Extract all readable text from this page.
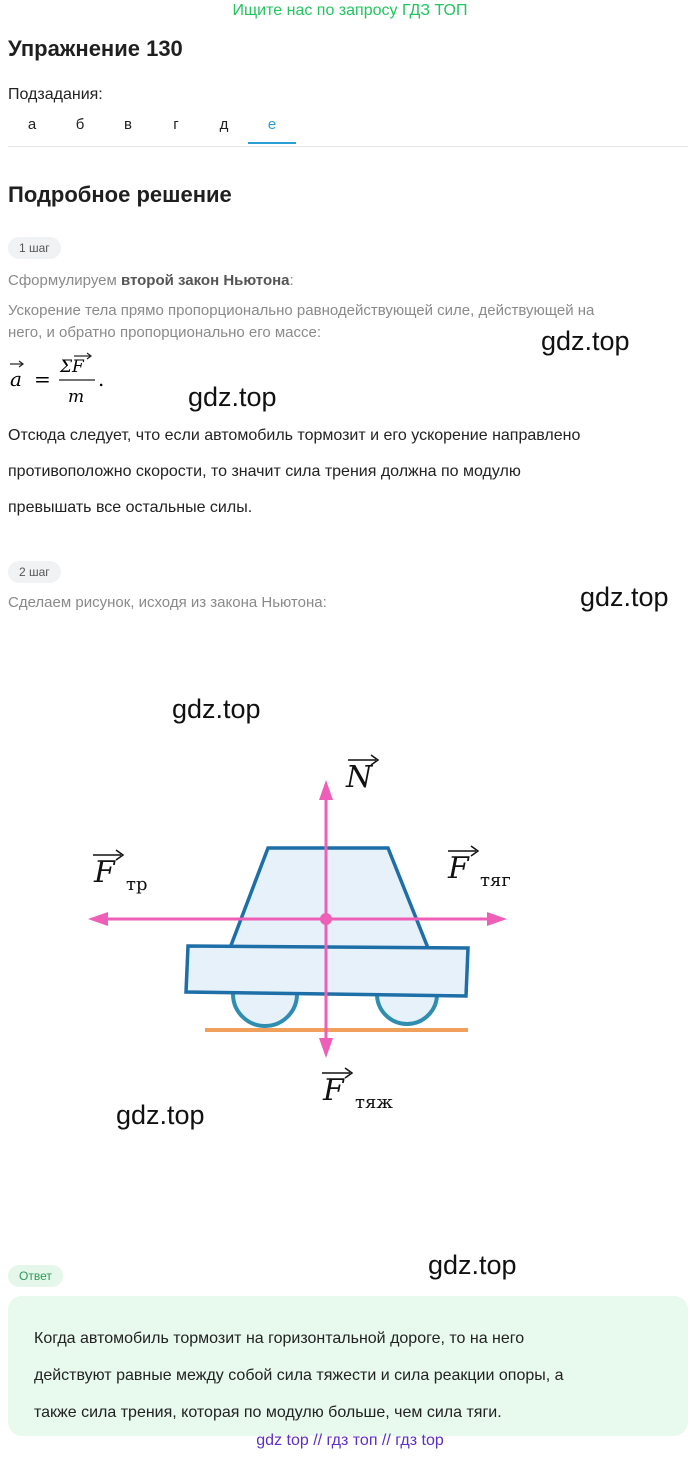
Ищите нас по запросу ГДЗ ТОП
Упражнение 130
Подзадания:
а	б	в	г	д	е
Подробное решение
1 шаг
Сформулируем второй закон Ньютона:
Ускорение тела прямо пропорционально равнодействующей силе, действующей на
него, и обратно пропорционально его массе:
a = ΣF
m
.
Отсюда следует, что если автомобиль тормозит и его ускорение направлено
противоположно скорости, то значит сила трения должна по модулю
превышать все остальные силы.
2 шаг
Сделаем рисунок, исходя из закона Ньютона:
N
F тр	F тяг
F тяж
Ответ
Когда автомобиль тормозит на горизонтальной дороге, то на него
действуют равные между собой сила тяжести и сила реакции опоры, а
также сила трения, которая по модулю больше, чем сила тяги.
gdz.top
gdz.top
gdz.top
gdz.top
gdz.top
gdz.top
gdz top // гдз топ // гдз top
